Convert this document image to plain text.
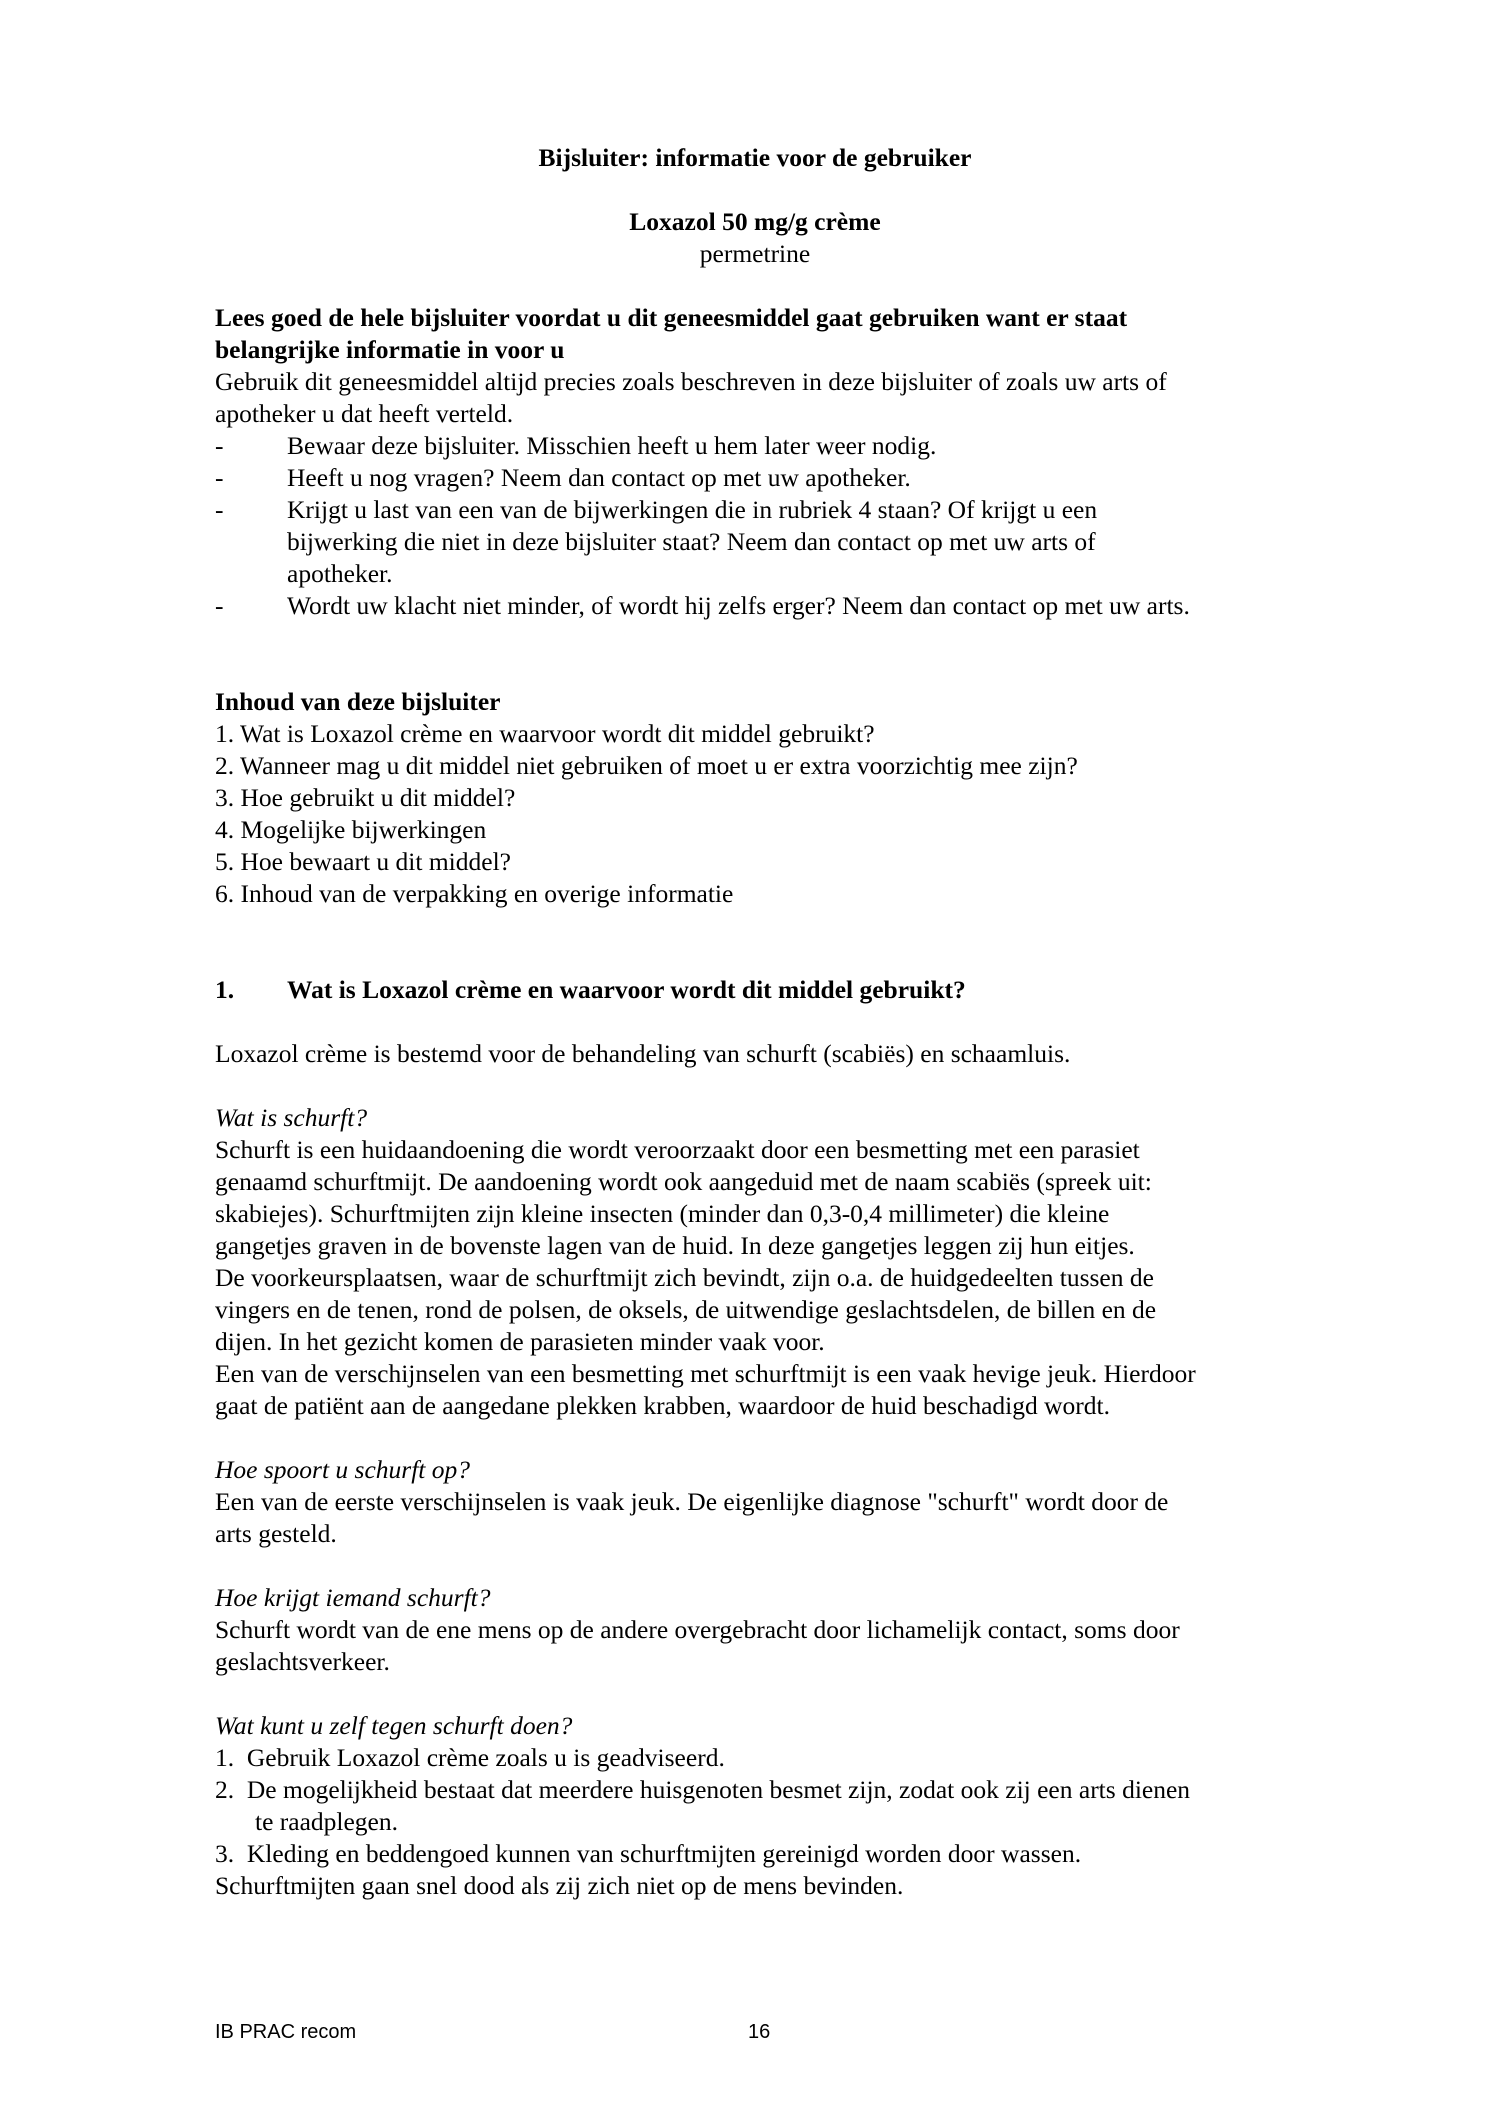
Bijsluiter: informatie voor de gebruiker
Loxazol 50 mg/g crème
permetrine
Lees goed de hele bijsluiter voordat u dit geneesmiddel gaat gebruiken want er staat
belangrijke informatie in voor u
Gebruik dit geneesmiddel altijd precies zoals beschreven in deze bijsluiter of zoals uw arts of
apotheker u dat heeft verteld.
- Bewaar deze bijsluiter. Misschien heeft u hem later weer nodig.
- Heeft u nog vragen? Neem dan contact op met uw apotheker.
- Krijgt u last van een van de bijwerkingen die in rubriek 4 staan? Of krijgt u een
bijwerking die niet in deze bijsluiter staat? Neem dan contact op met uw arts of
apotheker.
- Wordt uw klacht niet minder, of wordt hij zelfs erger? Neem dan contact op met uw arts.
Inhoud van deze bijsluiter
1. Wat is Loxazol crème en waarvoor wordt dit middel gebruikt?
2. Wanneer mag u dit middel niet gebruiken of moet u er extra voorzichtig mee zijn?
3. Hoe gebruikt u dit middel?
4. Mogelijke bijwerkingen
5. Hoe bewaart u dit middel?
6. Inhoud van de verpakking en overige informatie
1. Wat is Loxazol crème en waarvoor wordt dit middel gebruikt?
Loxazol crème is bestemd voor de behandeling van schurft (scabiës) en schaamluis.
Wat is schurft?
Schurft is een huidaandoening die wordt veroorzaakt door een besmetting met een parasiet
genaamd schurftmijt. De aandoening wordt ook aangeduid met de naam scabiës (spreek uit:
skabiejes). Schurftmijten zijn kleine insecten (minder dan 0,3-0,4 millimeter) die kleine
gangetjes graven in de bovenste lagen van de huid. In deze gangetjes leggen zij hun eitjes.
De voorkeursplaatsen, waar de schurftmijt zich bevindt, zijn o.a. de huidgedeelten tussen de
vingers en de tenen, rond de polsen, de oksels, de uitwendige geslachtsdelen, de billen en de
dijen. In het gezicht komen de parasieten minder vaak voor.
Een van de verschijnselen van een besmetting met schurftmijt is een vaak hevige jeuk. Hierdoor
gaat de patiënt aan de aangedane plekken krabben, waardoor de huid beschadigd wordt.
Hoe spoort u schurft op?
Een van de eerste verschijnselen is vaak jeuk. De eigenlijke diagnose "schurft" wordt door de
arts gesteld.
Hoe krijgt iemand schurft?
Schurft wordt van de ene mens op de andere overgebracht door lichamelijk contact, soms door
geslachtsverkeer.
Wat kunt u zelf tegen schurft doen?
1.  Gebruik Loxazol crème zoals u is geadviseerd.
2.  De mogelijkheid bestaat dat meerdere huisgenoten besmet zijn, zodat ook zij een arts dienen
te raadplegen.
3.  Kleding en beddengoed kunnen van schurftmijten gereinigd worden door wassen.
Schurftmijten gaan snel dood als zij zich niet op de mens bevinden.
IB PRAC recom	16
